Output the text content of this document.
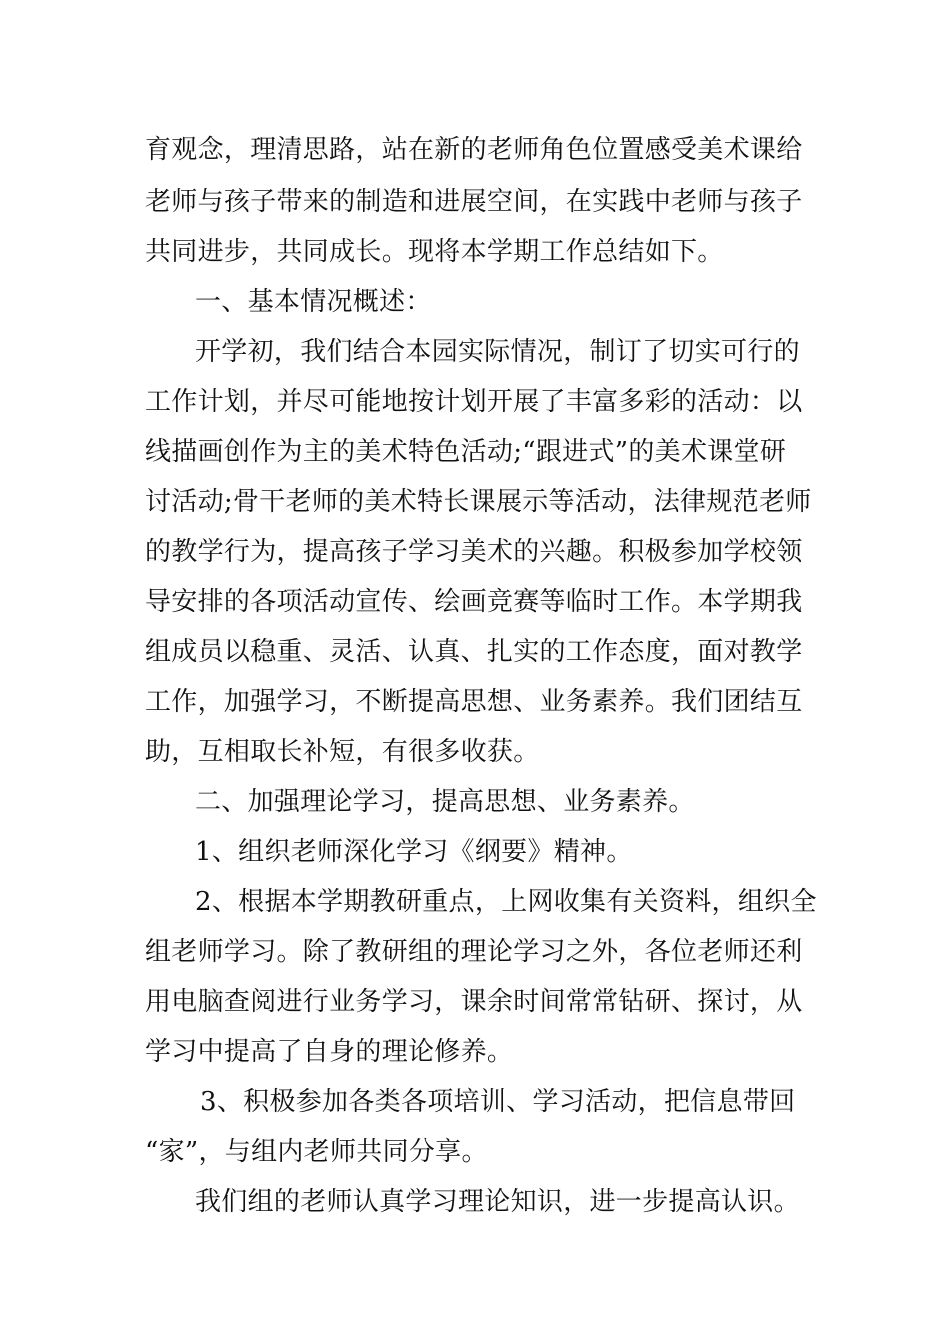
育观念，理清思路，站在新的老师角色位置感受美术课给
老师与孩子带来的制造和进展空间，在实践中老师与孩子
共同进步，共同成长。现将本学期工作总结如下。
一、基本情况概述：
开学初，我们结合本园实际情况，制订了切实可行的
工作计划，并尽可能地按计划开展了丰富多彩的活动：以
线描画创作为主的美术特色活动;“跟进式”的美术课堂研
讨活动;骨干老师的美术特长课展示等活动，法律规范老师
的教学行为，提高孩子学习美术的兴趣。积极参加学校领
导安排的各项活动宣传、绘画竞赛等临时工作。本学期我
组成员以稳重、灵活、认真、扎实的工作态度，面对教学
工作，加强学习，不断提高思想、业务素养。我们团结互
助，互相取长补短，有很多收获。
二、加强理论学习，提高思想、业务素养。
1、组织老师深化学习《纲要》精神。
2、根据本学期教研重点，上网收集有关资料，组织全
组老师学习。除了教研组的理论学习之外，各位老师还利
用电脑查阅进行业务学习，课余时间常常钻研、探讨，从
学习中提高了自身的理论修养。
3、积极参加各类各项培训、学习活动，把信息带回
“家”，与组内老师共同分享。
我们组的老师认真学习理论知识，进一步提高认识。
